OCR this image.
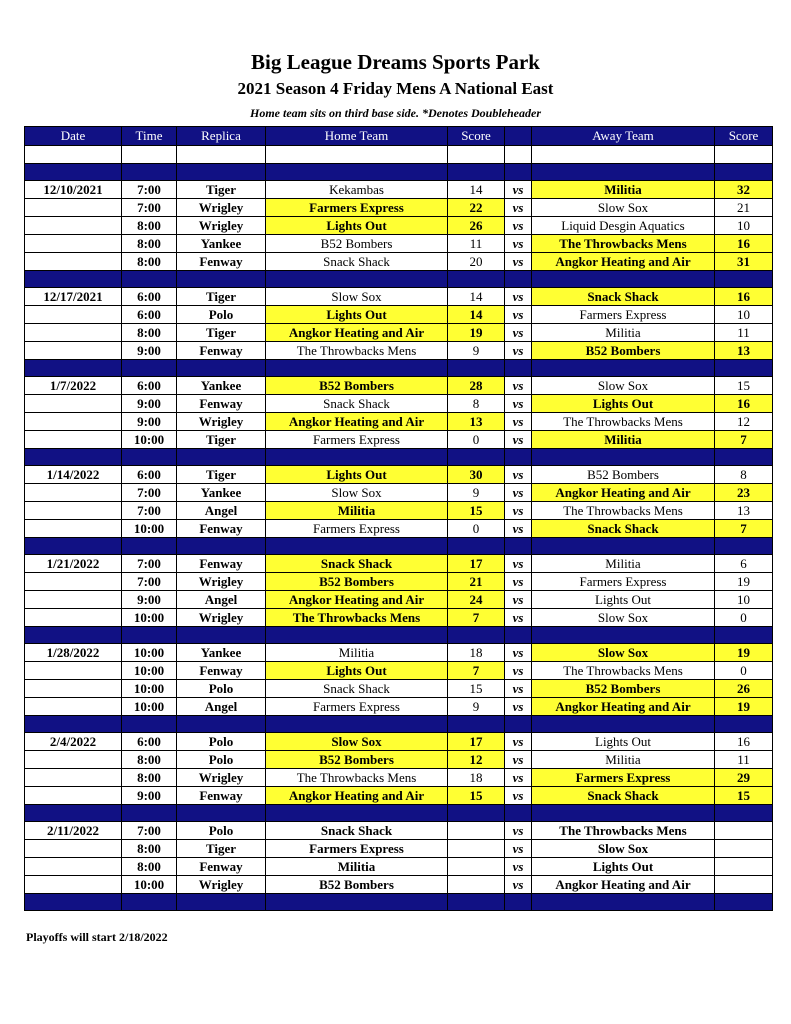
Big League Dreams Sports Park
2021 Season 4 Friday Mens A National East
Home team sits on third base side. *Denotes Doubleheader
Date	Time	Replica	Home Team	Score		Away Team	Score

12/10/2021	7:00	Tiger	Kekambas	14	vs	Militia	32
	7:00	Wrigley	Farmers Express	22	vs	Slow Sox	21
	8:00	Wrigley	Lights Out	26	vs	Liquid Desgin Aquatics	10
	8:00	Yankee	B52 Bombers	11	vs	The Throwbacks Mens	16
	8:00	Fenway	Snack Shack	20	vs	Angkor Heating and Air	31

12/17/2021	6:00	Tiger	Slow Sox	14	vs	Snack Shack	16
	6:00	Polo	Lights Out	14	vs	Farmers Express	10
	8:00	Tiger	Angkor Heating and Air	19	vs	Militia	11
	9:00	Fenway	The Throwbacks Mens	9	vs	B52 Bombers	13

1/7/2022	6:00	Yankee	B52 Bombers	28	vs	Slow Sox	15
	9:00	Fenway	Snack Shack	8	vs	Lights Out	16
	9:00	Wrigley	Angkor Heating and Air	13	vs	The Throwbacks Mens	12
	10:00	Tiger	Farmers Express	0	vs	Militia	7

1/14/2022	6:00	Tiger	Lights Out	30	vs	B52 Bombers	8
	7:00	Yankee	Slow Sox	9	vs	Angkor Heating and Air	23
	7:00	Angel	Militia	15	vs	The Throwbacks Mens	13
	10:00	Fenway	Farmers Express	0	vs	Snack Shack	7

1/21/2022	7:00	Fenway	Snack Shack	17	vs	Militia	6
	7:00	Wrigley	B52 Bombers	21	vs	Farmers Express	19
	9:00	Angel	Angkor Heating and Air	24	vs	Lights Out	10
	10:00	Wrigley	The Throwbacks Mens	7	vs	Slow Sox	0

1/28/2022	10:00	Yankee	Militia	18	vs	Slow Sox	19
	10:00	Fenway	Lights Out	7	vs	The Throwbacks Mens	0
	10:00	Polo	Snack Shack	15	vs	B52 Bombers	26
	10:00	Angel	Farmers Express	9	vs	Angkor Heating and Air	19

2/4/2022	6:00	Polo	Slow Sox	17	vs	Lights Out	16
	8:00	Polo	B52 Bombers	12	vs	Militia	11
	8:00	Wrigley	The Throwbacks Mens	18	vs	Farmers Express	29
	9:00	Fenway	Angkor Heating and Air	15	vs	Snack Shack	15

2/11/2022	7:00	Polo	Snack Shack		vs	The Throwbacks Mens	
	8:00	Tiger	Farmers Express		vs	Slow Sox	
	8:00	Fenway	Militia		vs	Lights Out	
	10:00	Wrigley	B52 Bombers		vs	Angkor Heating and Air	

Playoffs will start 2/18/2022
